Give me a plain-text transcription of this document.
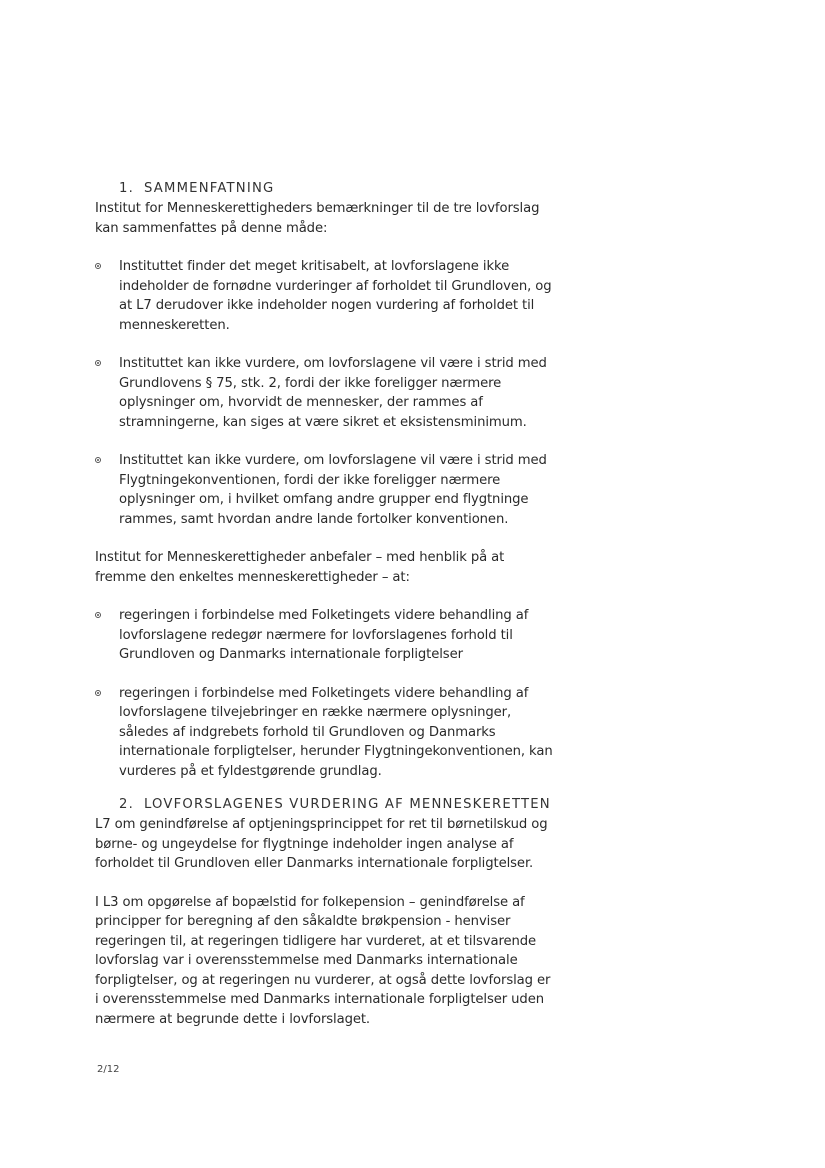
1. SAMMENFATNING

Institut for Menneskerettigheders bemærkninger til de tre lovforslag kan sammenfattes på denne måde:

Instituttet finder det meget kritisabelt, at lovforslagene ikke indeholder de fornødne vurderinger af forholdet til Grundloven, og at L7 derudover ikke indeholder nogen vurdering af forholdet til menneskeretten.
Instituttet kan ikke vurdere, om lovforslagene vil være i strid med Grundlovens § 75, stk. 2, fordi der ikke foreligger nærmere oplysninger om, hvorvidt de mennesker, der rammes af stramningerne, kan siges at være sikret et eksistensminimum.
Instituttet kan ikke vurdere, om lovforslagene vil være i strid med Flygtningekonventionen, fordi der ikke foreligger nærmere oplysninger om, i hvilket omfang andre grupper end flygtninge rammes, samt hvordan andre lande fortolker konventionen.

Institut for Menneskerettigheder anbefaler – med henblik på at fremme den enkeltes menneskerettigheder – at:

regeringen i forbindelse med Folketingets videre behandling af lovforslagene redegør nærmere for lovforslagenes forhold til Grundloven og Danmarks internationale forpligtelser
regeringen i forbindelse med Folketingets videre behandling af lovforslagene tilvejebringer en række nærmere oplysninger, således af indgrebets forhold til Grundloven og Danmarks internationale forpligtelser, herunder Flygtningekonventionen, kan vurderes på et fyldestgørende grundlag.
2. LOVFORSLAGENES VURDERING AF MENNESKERETTEN

L7 om genindførelse af optjeningsprincippet for ret til børnetilskud og børne- og ungeydelse for flygtninge indeholder ingen analyse af forholdet til Grundloven eller Danmarks internationale forpligtelser.

I L3 om opgørelse af bopælstid for folkepension – genindførelse af principper for beregning af den såkaldte brøkpension - henviser regeringen til, at regeringen tidligere har vurderet, at et tilsvarende lovforslag var i overensstemmelse med Danmarks internationale forpligtelser, og at regeringen nu vurderer, at også dette lovforslag er i overensstemmelse med Danmarks internationale forpligtelser uden nærmere at begrunde dette i lovforslaget.

2/12
